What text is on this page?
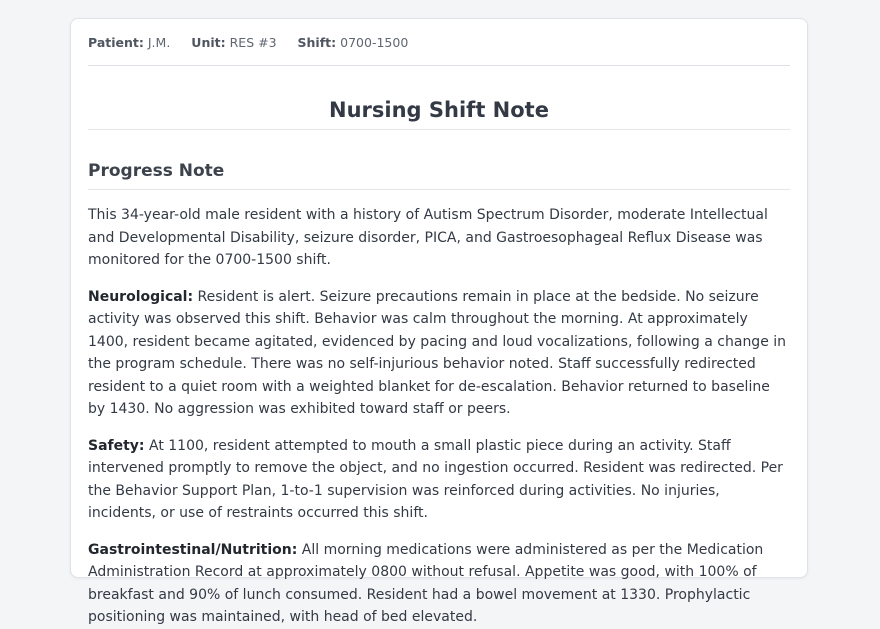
Patient: J.M. Unit: RES #3 Shift: 0700-1500
Nursing Shift Note
Progress Note

This 34-year-old male resident with a history of Autism Spectrum Disorder, moderate Intellectual and Developmental Disability, seizure disorder, PICA, and Gastroesophageal Reflux Disease was monitored for the 0700-1500 shift.

Neurological: Resident is alert. Seizure precautions remain in place at the bedside. No seizure activity was observed this shift. Behavior was calm throughout the morning. At approximately 1400, resident became agitated, evidenced by pacing and loud vocalizations, following a change in the program schedule. There was no self-injurious behavior noted. Staff successfully redirected resident to a quiet room with a weighted blanket for de-escalation. Behavior returned to baseline by 1430. No aggression was exhibited toward staff or peers.

Safety: At 1100, resident attempted to mouth a small plastic piece during an activity. Staff intervened promptly to remove the object, and no ingestion occurred. Resident was redirected. Per the Behavior Support Plan, 1-to-1 supervision was reinforced during activities. No injuries, incidents, or use of restraints occurred this shift.

Gastrointestinal/Nutrition: All morning medications were administered as per the Medication Administration Record at approximately 0800 without refusal. Appetite was good, with 100% of breakfast and 90% of lunch consumed. Resident had a bowel movement at 1330. Prophylactic positioning was maintained, with head of bed elevated.
